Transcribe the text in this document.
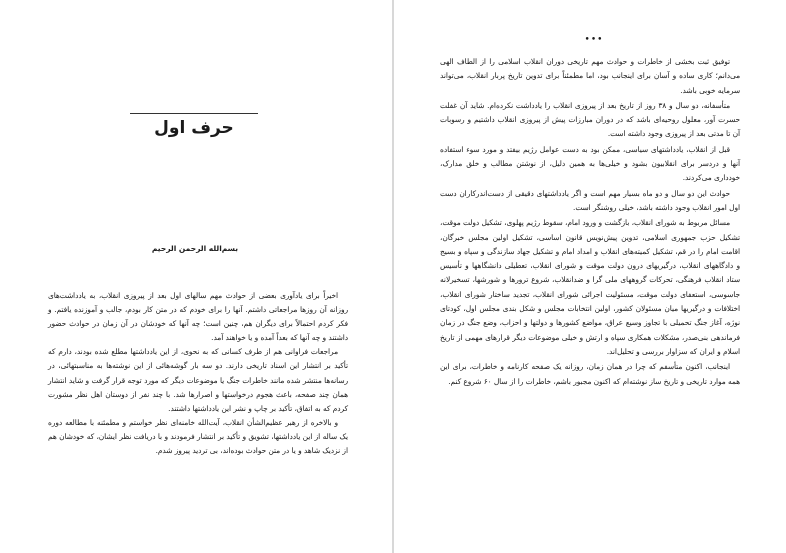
حرف اول

بسم‌الله الرحمن الرحیم

اخیراً برای یادآوری بعضی از حوادث مهم سالهای اول بعد از پیروزی انقلاب، به یادداشت‌های روزانه آن روزها مراجعاتی داشتم. آنها را برای خودم که در متن کار بودم، جالب و آموزنده یافتم. و فکر کردم احتمالاً برای دیگران هم، چنین است؛ چه آنها که خودشان در آن زمان در حوادث حضور داشتند و چه آنها که بعداً آمده و یا خواهند آمد.

مراجعات فراوانی هم از طرف کسانی که به نحوی، از این یادداشتها مطلع شده بودند، دارم که تأکید بر انتشار این اسناد تاریخی دارند. دو سه بار گوشه‌هائی از این نوشته‌ها به مناسبتهائی، در رسانه‌ها منتشر شده مانند خاطرات جنگ یا موضوعات دیگر که مورد توجه قرار گرفت و شاید انتشار همان چند صفحه، باعث هجوم درخواستها و اصرارها شد. با چند نفر از دوستان اهل نظر مشورت کردم که به اتفاق، تأکید بر چاپ و نشر این یادداشتها داشتند.

و بالاخره از رهبر عظیم‌الشأن انقلاب، آیت‌الله خامنه‌ای نظر خواستم و مطمئنه با مطالعه دوره یک ساله از این یادداشتها، تشویق و تأکید بر انتشار فرمودند و با دریافت نظر ایشان، که خودشان هم از نزدیک شاهد و یا در متن حوادث بوده‌اند، بی تردید پیروز شدم.

•••

توفیق ثبت بخشی از خاطرات و حوادث مهم تاریخی دوران انقلاب اسلامی را از الطاف الهی می‌دانم؛ کاری ساده و آسان برای اینجانب بود، اما مطمئناً برای تدوین تاریخ پربار انقلاب، می‌تواند سرمایه خوبی باشد.

متأسفانه، دو سال و ۳۸ روز از تاریخ بعد از پیروزی انقلاب را یادداشت نکرده‌ام. شاید آن غفلت حسرت آور، معلول روحیه‌ای باشد که در دوران مبارزات پیش از پیروزی انقلاب داشتیم و رسوبات آن تا مدتی بعد از پیروزی وجود داشته است.

قبل از انقلاب، یادداشتهای سیاسی، ممکن بود به دست عوامل رژیم بیفتد و مورد سوء استفاده آنها و دردسر برای انقلابیون بشود و خیلی‌ها به همین دلیل، از نوشتن مطالب و خلق مدارک، خودداری می‌کردند.

حوادث این دو سال و دو ماه بسیار مهم است و اگر یادداشتهای دقیقی از دست‌اندرکاران دست اول امور انقلاب وجود داشته باشد، خیلی روشنگر است.

مسائل مربوط به شورای انقلاب، بازگشت و ورود امام، سقوط رژیم پهلوی، تشکیل دولت موقت، تشکیل حزب جمهوری اسلامی، تدوین پیش‌نویس قانون اساسی، تشکیل اولین مجلس خبرگان، اقامت امام را در قم، تشکیل کمیته‌های انقلاب و امداد امام و تشکیل جهاد سازندگی و سپاه و بسیج و دادگاههای انقلاب، درگیریهای درون دولت موقت و شورای انقلاب، تعطیلی دانشگاهها و تأسیس ستاد انقلاب فرهنگی، تحرکات گروههای ملی گرا و ضدانقلاب، شروع ترورها و شورشها، تسخیرلانه جاسوسی، استعفای دولت موقت، مسئولیت اجرائی شورای انقلاب، تجدید ساختار شورای انقلاب، اختلافات و درگیریها میان مسئولان کشور، اولین انتخابات مجلس و شکل بندی مجلس اول، کودتای نوژه، آغاز جنگ تحمیلی با تجاوز وسیع عراق، مواضع کشورها و دولتها و احزاب، وضع جنگ در زمان فرماندهی بنی‌صدر، مشکلات همکاری سپاه و ارتش و خیلی موضوعات دیگر قرارهای مهمی از تاریخ اسلام و ایران که سزاوار بررسی و تحلیل‌اند.

اینجانب، اکنون متأسفم که چرا در همان زمان، روزانه یک صفحه کارنامه و خاطرات، برای این همه موارد تاریخی و تاریخ ساز نوشته‌ام که اکنون مجبور باشم، خاطرات را از سال ۶۰ شروع کنم.
